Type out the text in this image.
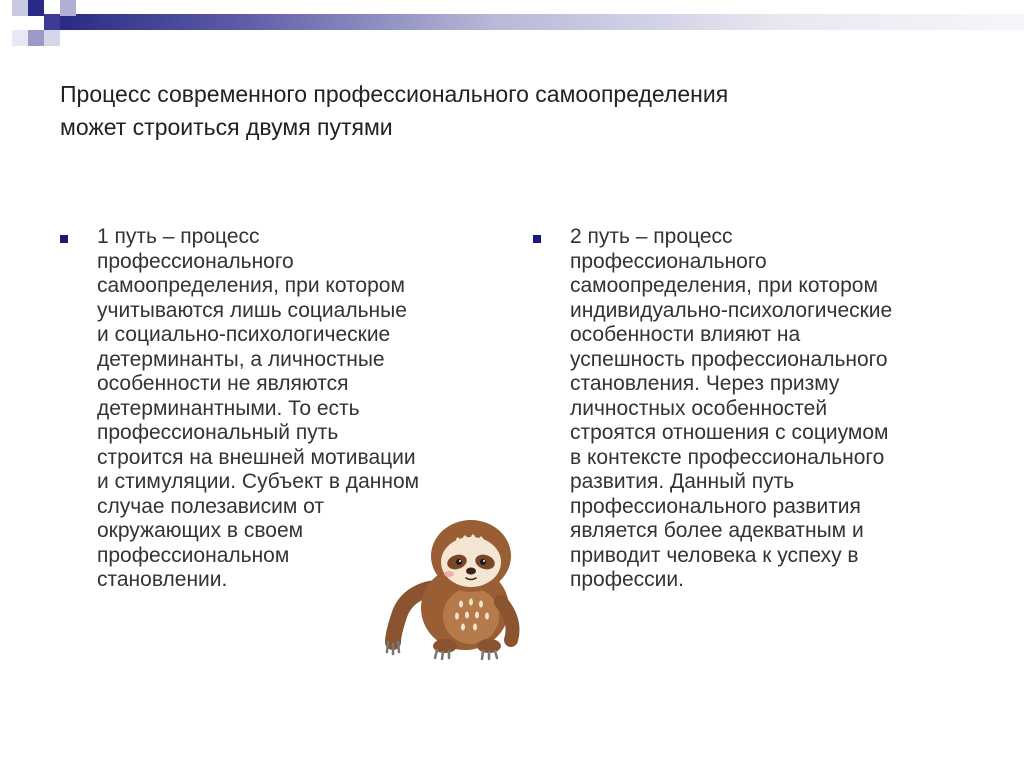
Процесс современного профессионального самоопределения
может строиться двумя путями

1 путь – процесс
профессионального
самоопределения, при котором
учитываются лишь социальные
и социально-психологические
детерминанты, а личностные
особенности не являются
детерминантными. То есть
профессиональный путь
строится на внешней мотивации
и стимуляции. Субъект в данном
случае полезависим от
окружающих в своем
профессиональном
становлении.

2 путь – процесс
профессионального
самоопределения, при котором
индивидуально-психологические
особенности влияют на
успешность профессионального
становления. Через призму
личностных особенностей
строятся отношения с социумом
в контексте профессионального
развития. Данный путь
профессионального развития
является более адекватным и
приводит человека к успеху в
профессии.
